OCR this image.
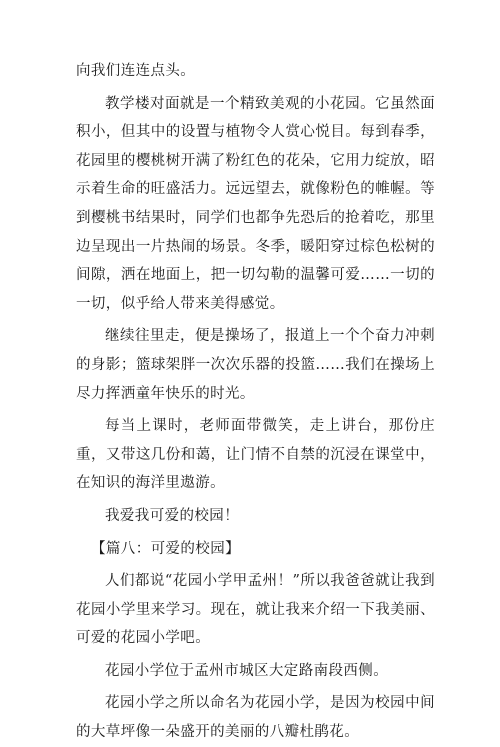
向我们连连点头。

教学楼对面就是一个精致美观的小花园。它虽然面积小，但其中的设置与植物令人赏心悦目。每到春季，花园里的樱桃树开满了粉红色的花朵，它用力绽放，昭示着生命的旺盛活力。远远望去，就像粉色的帷幄。等到樱桃书结果时，同学们也都争先恐后的抢着吃，那里边呈现出一片热闹的场景。冬季，暖阳穿过棕色松树的间隙，洒在地面上，把一切勾勒的温馨可爱……一切的一切，似乎给人带来美得感觉。

继续往里走，便是操场了，报道上一个个奋力冲刺的身影；篮球架胖一次次乐器的投篮……我们在操场上尽力挥洒童年快乐的时光。

每当上课时，老师面带微笑，走上讲台，那份庄重，又带这几份和蔼，让门情不自禁的沉浸在课堂中，在知识的海洋里遨游。

我爱我可爱的校园！

【篇八：可爱的校园】

人们都说“花园小学甲孟州！”所以我爸爸就让我到花园小学里来学习。现在，就让我来介绍一下我美丽、可爱的花园小学吧。

花园小学位于孟州市城区大定路南段西侧。

花园小学之所以命名为花园小学，是因为校园中间的大草坪像一朵盛开的美丽的八瓣杜鹃花。
